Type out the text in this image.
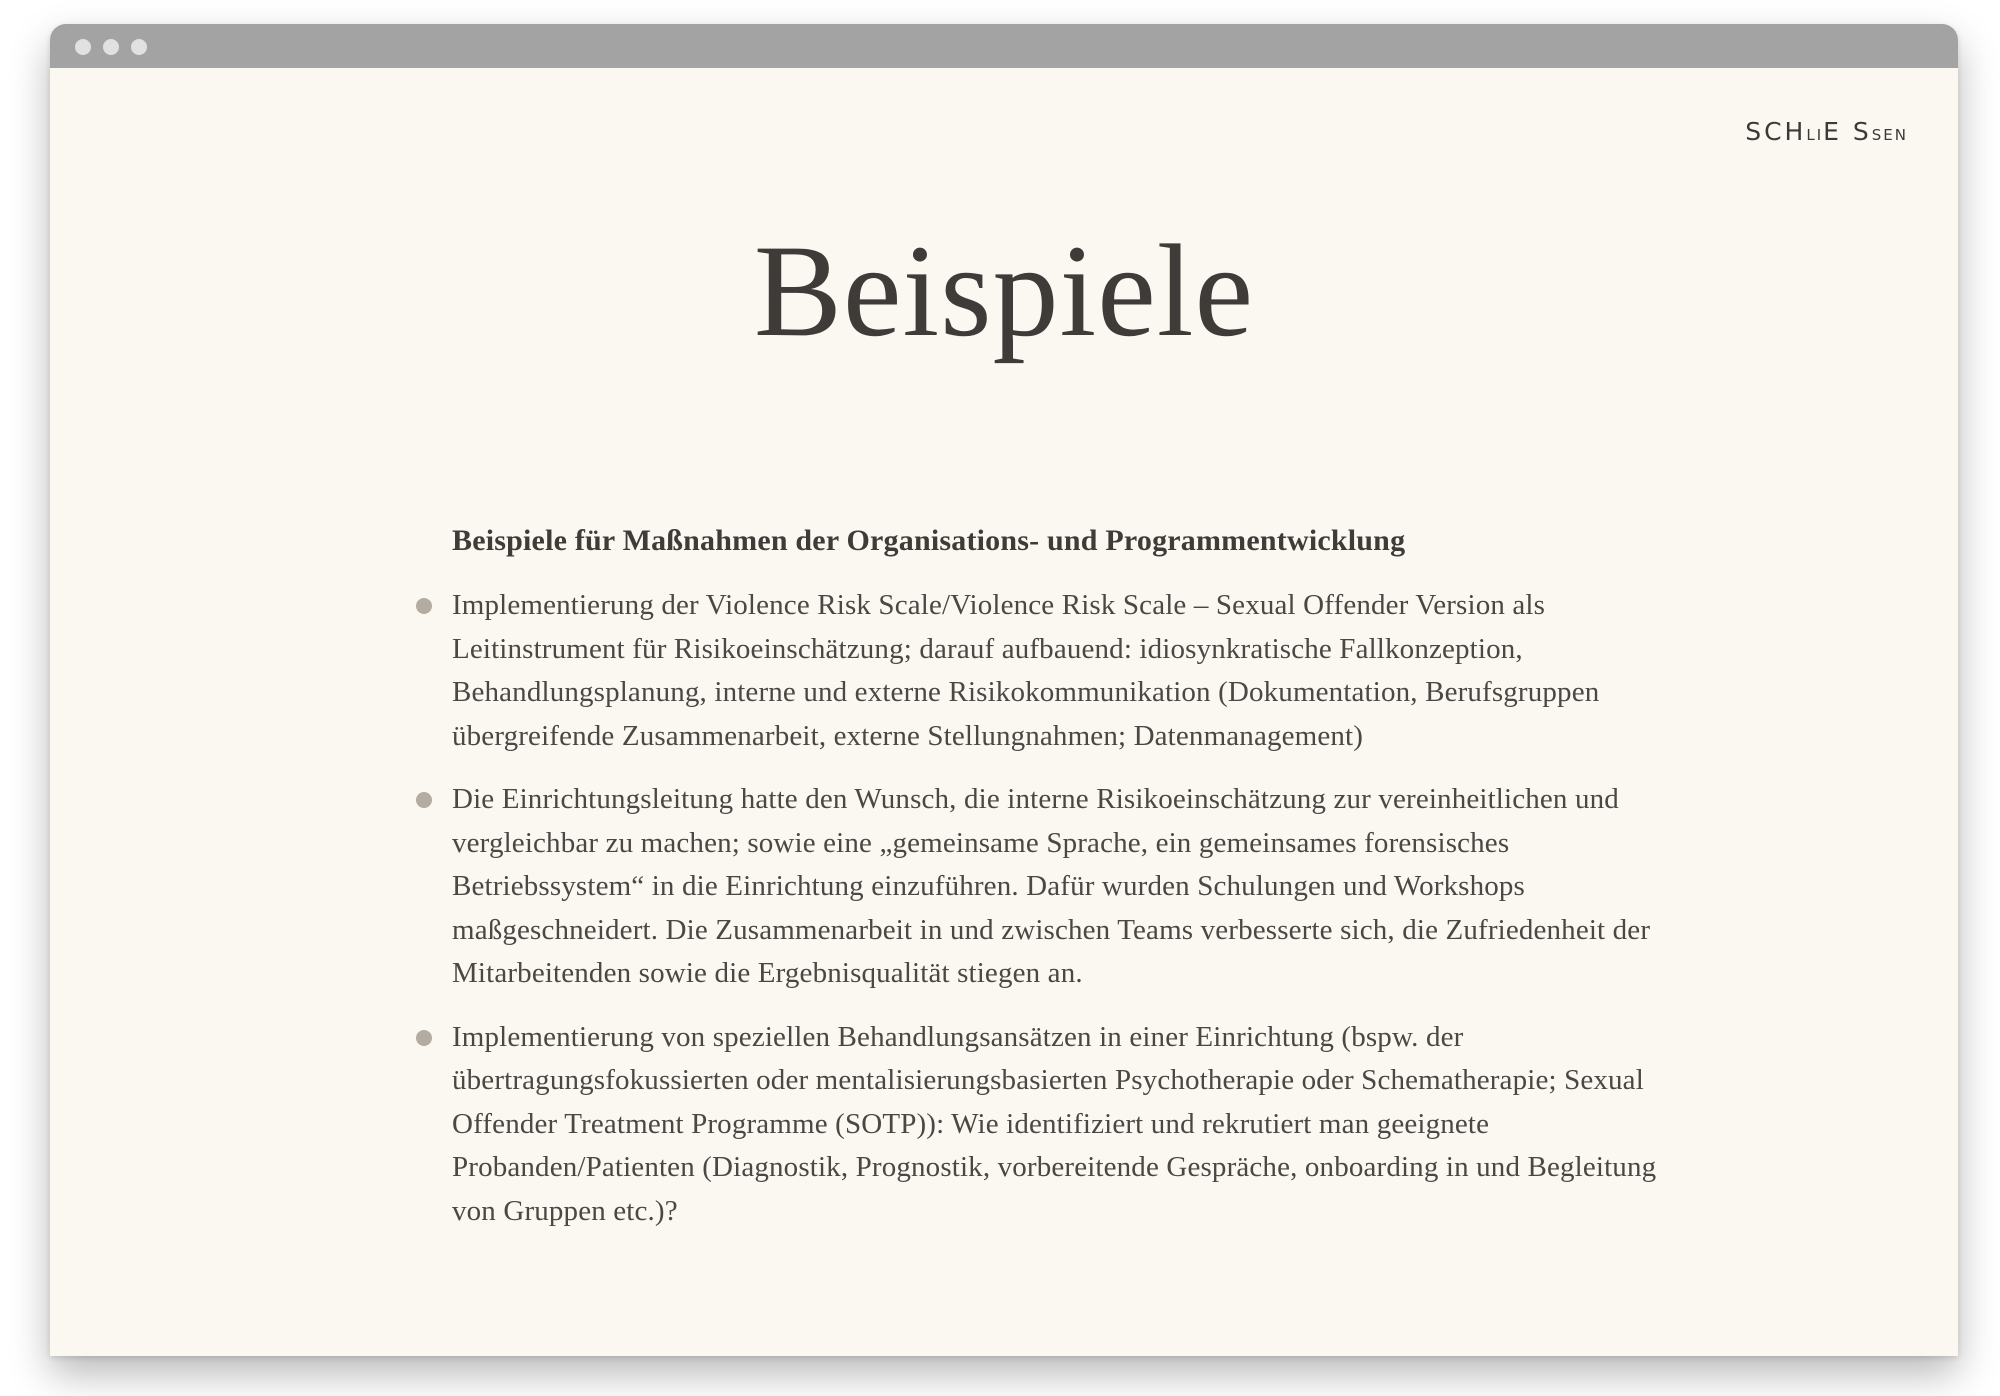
SCHLIE SSEN
Beispiele
Beispiele für Maßnahmen der Organisations- und Programmentwicklung
Implementierung der Violence Risk Scale/Violence Risk Scale – Sexual Offender Version als Leitinstrument für Risikoeinschätzung; darauf aufbauend: idiosynkratische Fallkonzeption, Behandlungsplanung, interne und externe Risikokommunikation (Dokumentation, Berufsgruppen übergreifende Zusammenarbeit, externe Stellungnahmen; Datenmanagement)
Die Einrichtungsleitung hatte den Wunsch, die interne Risikoeinschätzung zur vereinheitlichen und vergleichbar zu machen; sowie eine „gemeinsame Sprache, ein gemeinsames forensisches Betriebssystem“ in die Einrichtung einzuführen. Dafür wurden Schulungen und Workshops maßgeschneidert. Die Zusammenarbeit in und zwischen Teams verbesserte sich, die Zufriedenheit der Mitarbeitenden sowie die Ergebnisqualität stiegen an.
Implementierung von speziellen Behandlungsansätzen in einer Einrichtung (bspw. der übertragungsfokussierten oder mentalisierungsbasierten Psychotherapie oder Schematherapie; Sexual Offender Treatment Programme (SOTP)): Wie identifiziert und rekrutiert man geeignete Probanden/Patienten (Diagnostik, Prognostik, vorbereitende Gespräche, onboarding in und Begleitung von Gruppen etc.)?
